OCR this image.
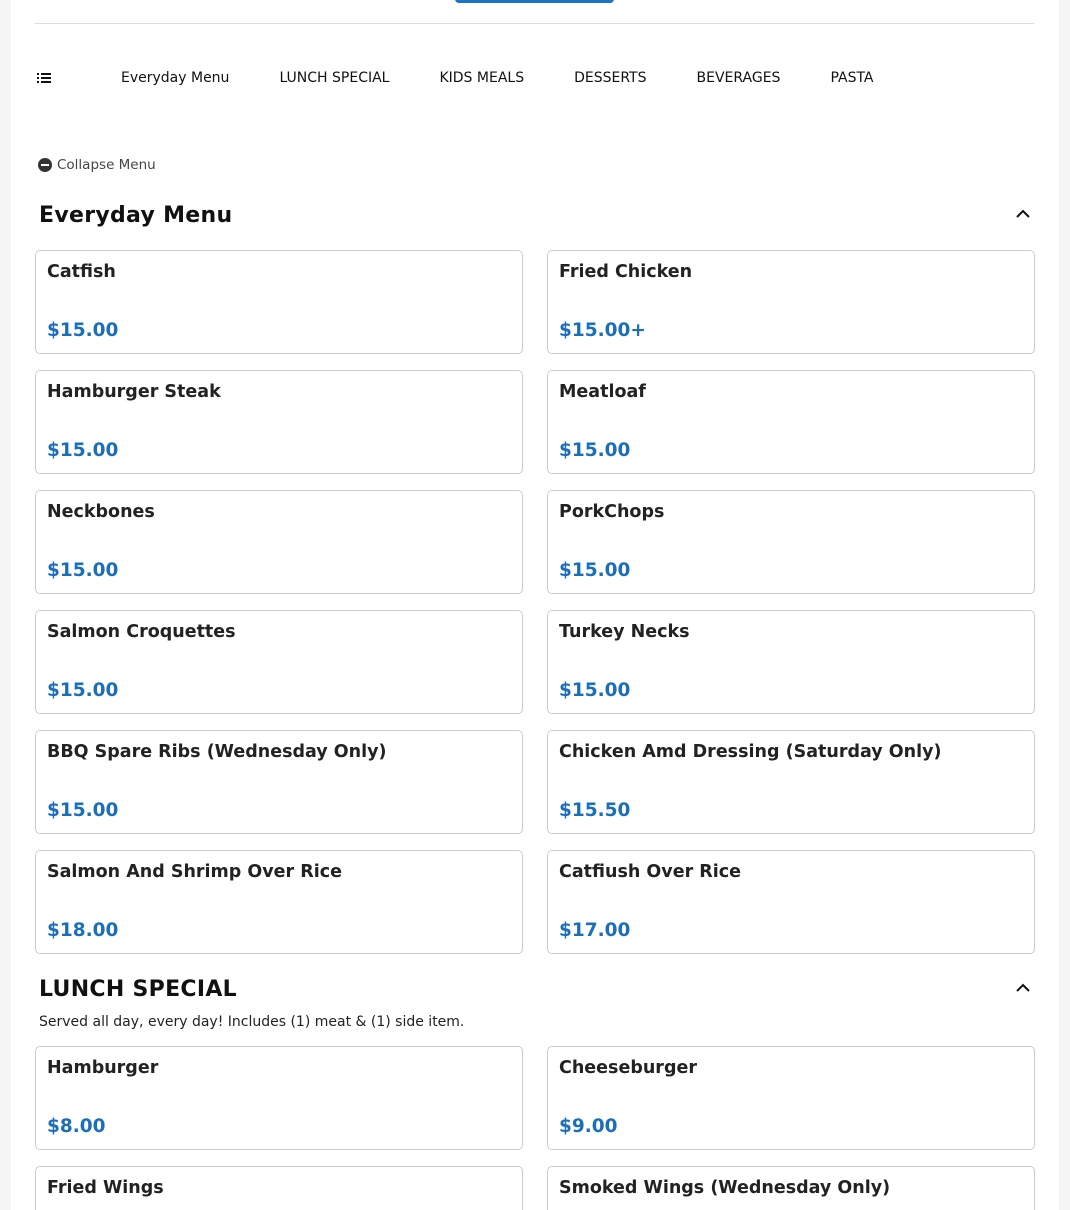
Everyday Menu	LUNCH SPECIAL	KIDS MEALS	DESSERTS	BEVERAGES	PASTA
Collapse Menu
Everyday Menu
Catfish
$15.00
Fried Chicken
$15.00+
Hamburger Steak
$15.00
Meatloaf
$15.00
Neckbones
$15.00
PorkChops
$15.00
Salmon Croquettes
$15.00
Turkey Necks
$15.00
BBQ Spare Ribs (Wednesday Only)
$15.00
Chicken Amd Dressing (Saturday Only)
$15.50
Salmon And Shrimp Over Rice
$18.00
Catfiush Over Rice
$17.00
LUNCH SPECIAL
Served all day, every day! Includes (1) meat & (1) side item.
Hamburger
$8.00
Cheeseburger
$9.00
Fried Wings	Smoked Wings (Wednesday Only)
